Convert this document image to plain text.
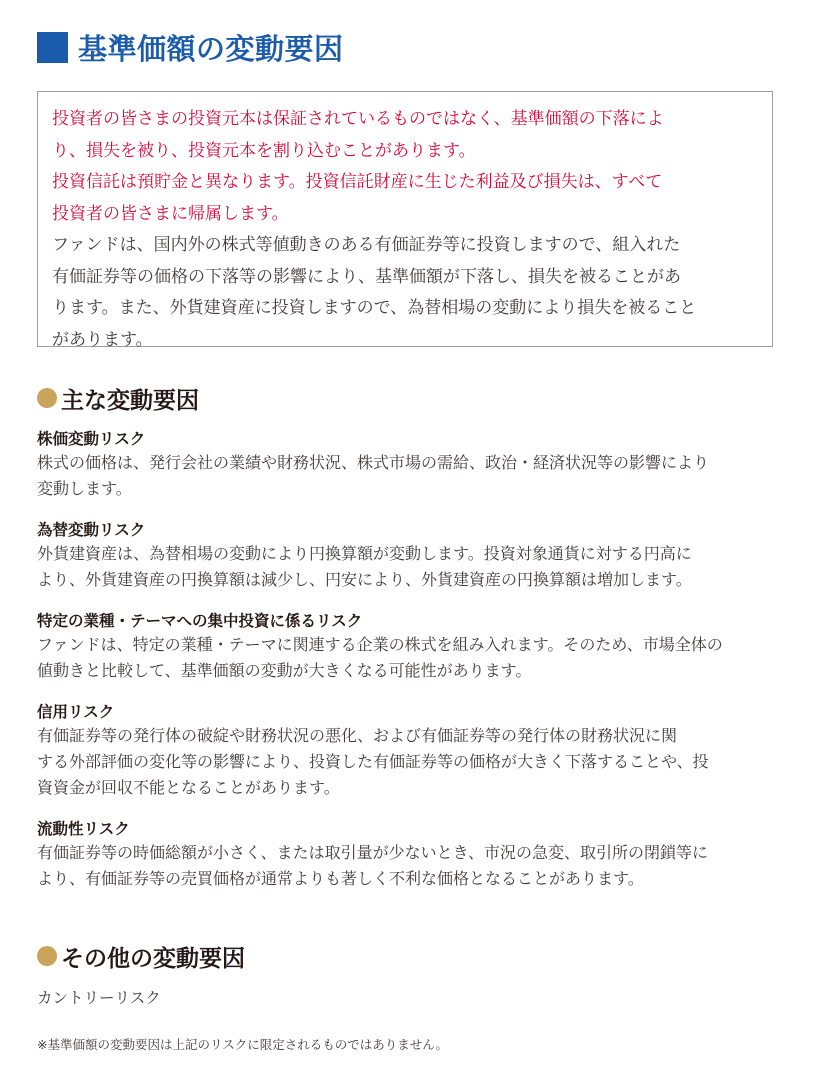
基準価額の変動要因
投資者の皆さまの投資元本は保証されているものではなく、基準価額の下落によ
り、損失を被り、投資元本を割り込むことがあります。
投資信託は預貯金と異なります。投資信託財産に生じた利益及び損失は、すべて
投資者の皆さまに帰属します。
ファンドは、国内外の株式等値動きのある有価証券等に投資しますので、組入れた
有価証券等の価格の下落等の影響により、基準価額が下落し、損失を被ることがあ
ります。また、外貨建資産に投資しますので、為替相場の変動により損失を被ること
があります。
主な変動要因
株価変動リスク
株式の価格は、発行会社の業績や財務状況、株式市場の需給、政治・経済状況等の影響により
変動します。
為替変動リスク
外貨建資産は、為替相場の変動により円換算額が変動します。投資対象通貨に対する円高に
より、外貨建資産の円換算額は減少し、円安により、外貨建資産の円換算額は増加します。
特定の業種・テーマへの集中投資に係るリスク
ファンドは、特定の業種・テーマに関連する企業の株式を組み入れます。そのため、市場全体の
値動きと比較して、基準価額の変動が大きくなる可能性があります。
信用リスク
有価証券等の発行体の破綻や財務状況の悪化、および有価証券等の発行体の財務状況に関
する外部評価の変化等の影響により、投資した有価証券等の価格が大きく下落することや、投
資資金が回収不能となることがあります。
流動性リスク
有価証券等の時価総額が小さく、または取引量が少ないとき、市況の急変、取引所の閉鎖等に
より、有価証券等の売買価格が通常よりも著しく不利な価格となることがあります。
その他の変動要因
カントリーリスク
※基準価額の変動要因は上記のリスクに限定されるものではありません。
